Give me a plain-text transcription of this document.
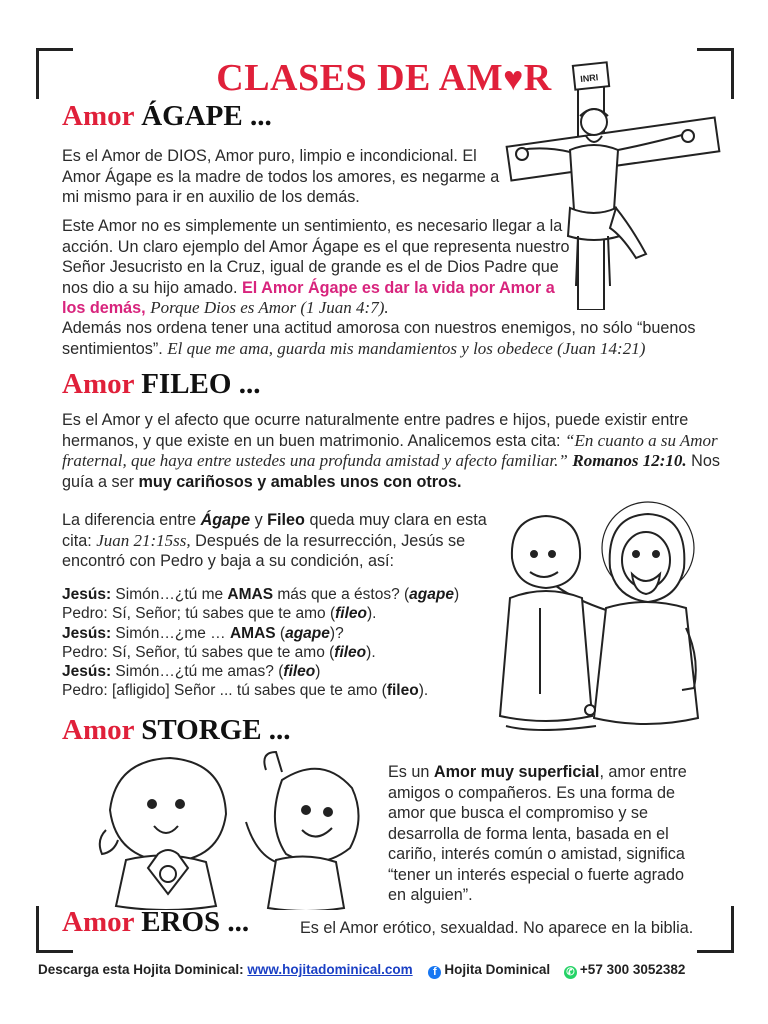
CLASES DE AM♥R
Amor ÁGAPE ...
Es el Amor de DIOS, Amor puro, limpio e incondicional. El Amor Ágape es la madre de todos los amores, es negarme a mi mismo para ir en auxilio de los demás.
Este Amor no es simplemente un sentimiento, es necesario llegar a la acción. Un claro ejemplo del Amor Ágape es el que representa nuestro Señor Jesucristo en la Cruz, igual de grande es el de Dios Padre que nos dio a su hijo amado. El Amor Ágape es dar la vida por Amor a los demás, Porque Dios es Amor (1 Juan 4:7).
Además nos ordena tener una actitud amorosa con nuestros enemigos, no sólo “buenos sentimientos”. El que me ama, guarda mis mandamientos y los obedece (Juan 14:21)
INRI
Amor FILEO ...
Es el Amor y el afecto que ocurre naturalmente entre padres e hijos, puede existir entre hermanos, y que existe en un buen matrimonio. Analicemos esta cita: “En cuanto a su Amor fraternal, que haya entre ustedes una profunda amistad y afecto familiar.” Romanos 12:10. Nos guía a ser muy cariñosos y amables unos con otros.
La diferencia entre Ágape y Fileo queda muy clara en esta cita: Juan 21:15ss, Después de la resurrección, Jesús se encontró con Pedro y baja a su condición, así:
Jesús: Simón…¿tú me AMAS más que a éstos? (agape)
Pedro: Sí, Señor; tú sabes que te amo (fileo).
Jesús: Simón…¿me … AMAS (agape)?
Pedro: Sí, Señor, tú sabes que te amo (fileo).
Jesús: Simón…¿tú me amas? (fileo)
Pedro: [afligido] Señor ... tú sabes que te amo (fileo).
Amor STORGE ...
Es un Amor muy superficial, amor entre amigos o compañeros. Es una forma de amor que busca el compromiso y se desarrolla de forma lenta, basada en el cariño, interés común o amistad, significa “tener un interés especial o fuerte agrado en alguien”.
Amor EROS ...	Es el Amor erótico, sexualdad. No aparece en la biblia.
Descarga esta Hojita Dominical: www.hojitadominical.com f Hojita Dominical ✆ +57 300 3052382
